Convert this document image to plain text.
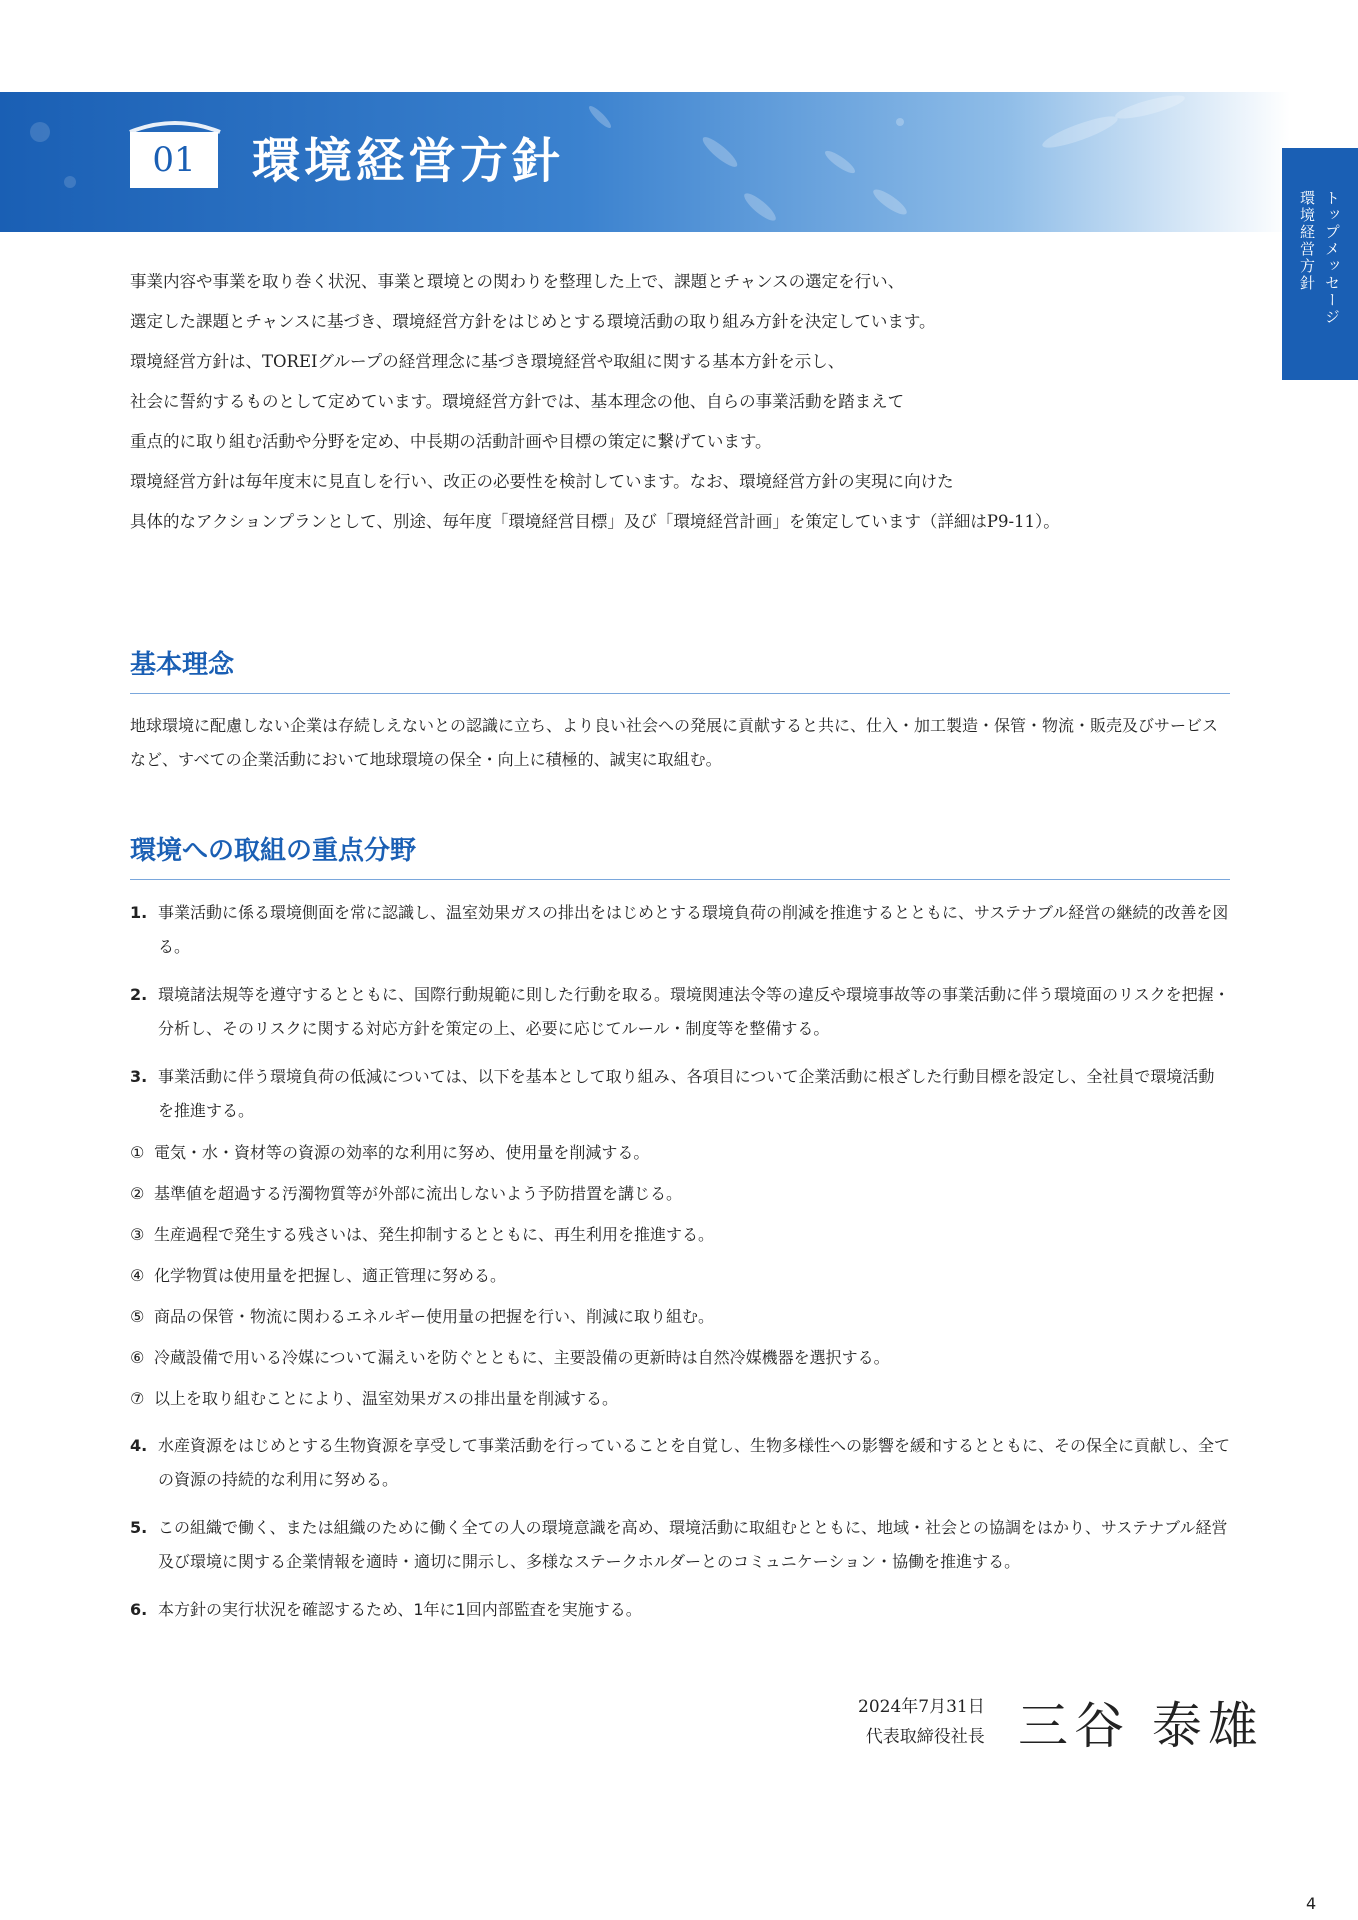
01	環境経営方針
トップメッセージ
環境経営方針

事業内容や事業を取り巻く状況、事業と環境との関わりを整理した上で、課題とチャンスの選定を行い、

選定した課題とチャンスに基づき、環境経営方針をはじめとする環境活動の取り組み方針を決定しています。

環境経営方針は、TOREIグループの経営理念に基づき環境経営や取組に関する基本方針を示し、

社会に誓約するものとして定めています。環境経営方針では、基本理念の他、自らの事業活動を踏まえて

重点的に取り組む活動や分野を定め、中長期の活動計画や目標の策定に繋げています。

環境経営方針は毎年度末に見直しを行い、改正の必要性を検討しています。なお、環境経営方針の実現に向けた

具体的なアクションプランとして、別途、毎年度「環境経営目標」及び「環境経営計画」を策定しています（詳細はP9-11）。

基本理念
地球環境に配慮しない企業は存続しえないとの認識に立ち、より良い社会への発展に貢献すると共に、仕入・加工製造・保管・物流・販売及びサービスなど、すべての企業活動において地球環境の保全・向上に積極的、誠実に取組む。
環境への取組の重点分野
1. 事業活動に係る環境側面を常に認識し、温室効果ガスの排出をはじめとする環境負荷の削減を推進するとともに、サステナブル経営の継続的改善を図る。
2. 環境諸法規等を遵守するとともに、国際行動規範に則した行動を取る。環境関連法令等の違反や環境事故等の事業活動に伴う環境面のリスクを把握・分析し、そのリスクに関する対応方針を策定の上、必要に応じてルール・制度等を整備する。
3. 事業活動に伴う環境負荷の低減については、以下を基本として取り組み、各項目について企業活動に根ざした行動目標を設定し、全社員で環境活動を推進する。
① 電気・水・資材等の資源の効率的な利用に努め、使用量を削減する。
② 基準値を超過する汚濁物質等が外部に流出しないよう予防措置を講じる。
③ 生産過程で発生する残さいは、発生抑制するとともに、再生利用を推進する。
④ 化学物質は使用量を把握し、適正管理に努める。
⑤ 商品の保管・物流に関わるエネルギー使用量の把握を行い、削減に取り組む。
⑥ 冷蔵設備で用いる冷媒について漏えいを防ぐとともに、主要設備の更新時は自然冷媒機器を選択する。
⑦ 以上を取り組むことにより、温室効果ガスの排出量を削減する。
4. 水産資源をはじめとする生物資源を享受して事業活動を行っていることを自覚し、生物多様性への影響を緩和するとともに、その保全に貢献し、全ての資源の持続的な利用に努める。
5. この組織で働く、または組織のために働く全ての人の環境意識を高め、環境活動に取組むとともに、地域・社会との協調をはかり、サステナブル経営及び環境に関する企業情報を適時・適切に開示し、多様なステークホルダーとのコミュニケーション・協働を推進する。
6. 本方針の実行状況を確認するため、1年に1回内部監査を実施する。
2024年7月31日
代表取締役社長 三谷 泰雄
4
